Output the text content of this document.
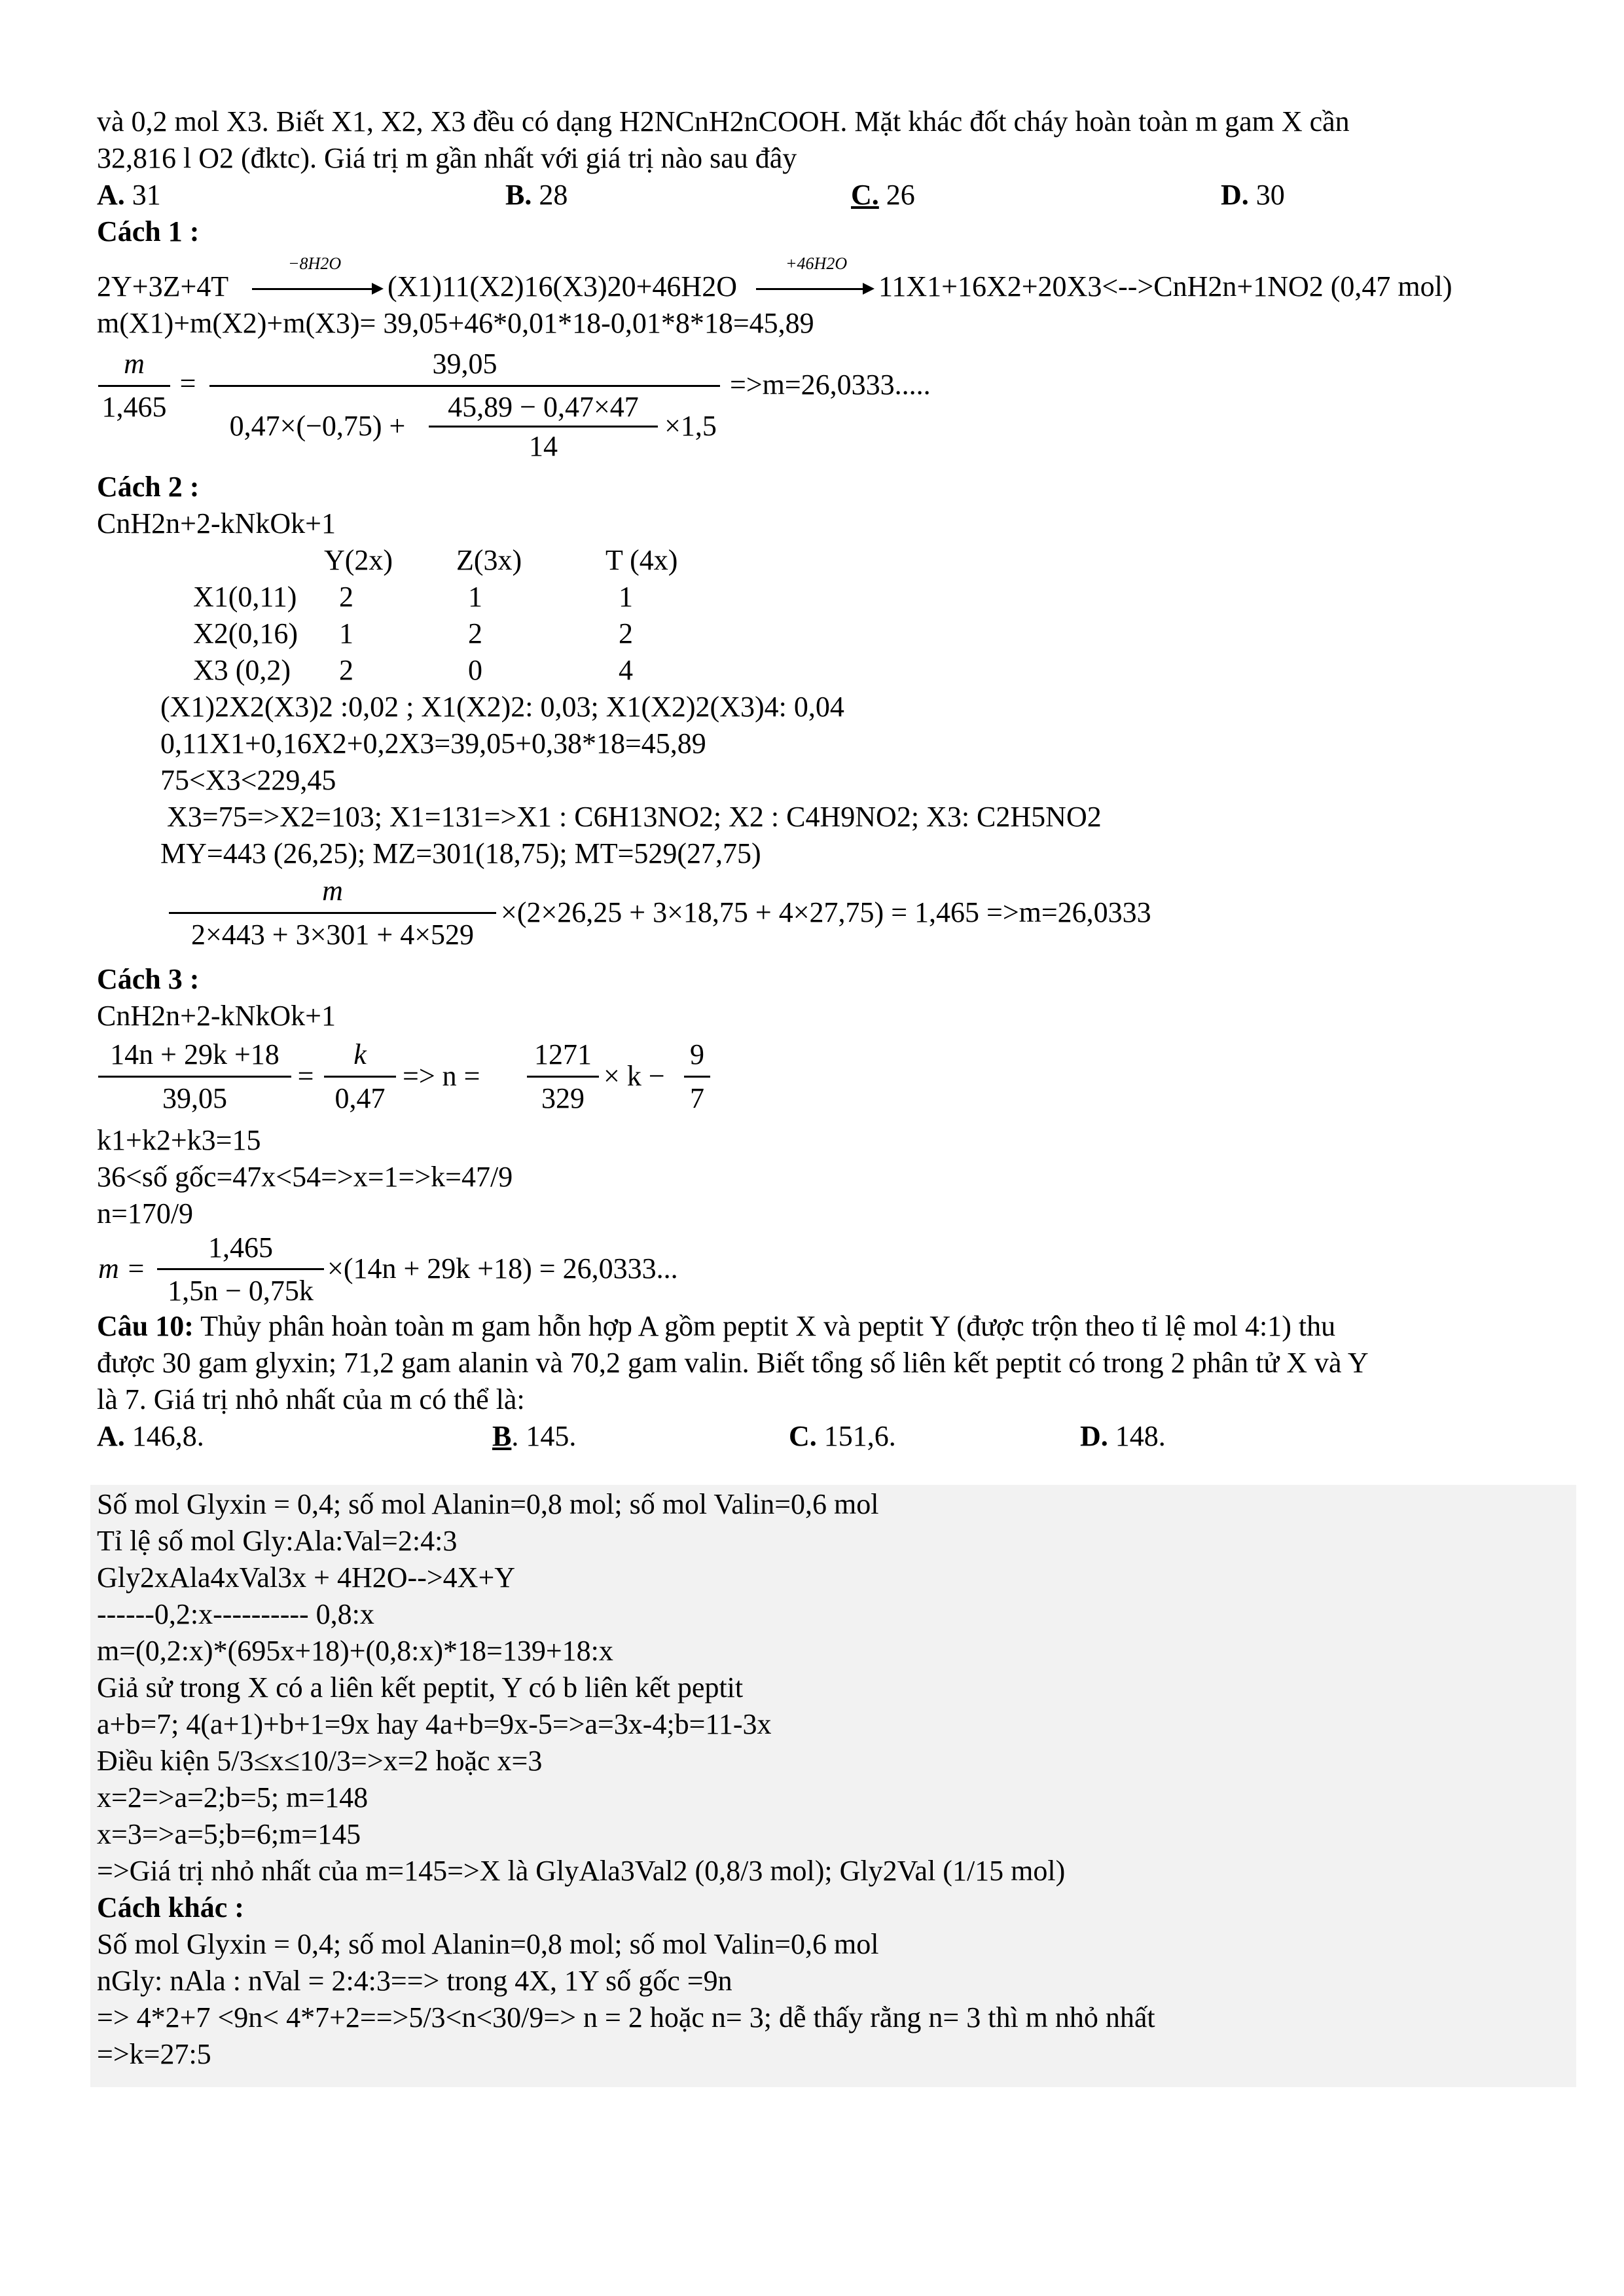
và 0,2 mol X3. Biết X1, X2, X3 đều có dạng H2NCnH2nCOOH. Mặt khác đốt cháy hoàn toàn m gam X cần
32,816 l O2 (đktc). Giá trị m gần nhất với giá trị nào sau đây
A. 31	B. 28	C. 26	D. 30
Cách 1 :
2Y+3Z+4T
−8H2O
(X1)11(X2)16(X3)20+46H2O
+46H2O
11X1+16X2+20X3<-->CnH2n+1NO2 (0,47 mol)
m(X1)+m(X2)+m(X3)= 39,05+46*0,01*18-0,01*8*18=45,89
m
1,465
=
39,05
0,47×(−0,75) +
45,89 − 0,47×47
14
×1,5
=>m=26,0333.....
Cách 2 :
CnH2n+2-kNkOk+1
Y(2x) Z(3x)	T (4x)
X1(0,11) 2	1	1
X2(0,16) 1	2	2
X3 (0,2) 2	0	4
(X1)2X2(X3)2 :0,02 ; X1(X2)2: 0,03; X1(X2)2(X3)4: 0,04
0,11X1+0,16X2+0,2X3=39,05+0,38*18=45,89
75<X3<229,45
X3=75=>X2=103; X1=131=>X1 : C6H13NO2; X2 : C4H9NO2; X3: C2H5NO2
MY=443 (26,25); MZ=301(18,75); MT=529(27,75)
m
2×443 + 3×301 + 4×529
×(2×26,25 + 3×18,75 + 4×27,75) = 1,465 =>m=26,0333
Cách 3 :
CnH2n+2-kNkOk+1
14n + 29k +18
39,05
=
k
0,47
=> n =
1271
329
× k −
9
7
k1+k2+k3=15
36<số gốc=47x<54=>x=1=>k=47/9
n=170/9
m =
1,465
1,5n − 0,75k
×(14n + 29k +18) = 26,0333...
Câu 10: Thủy phân hoàn toàn m gam hỗn hợp A gồm peptit X và peptit Y (được trộn theo tỉ lệ mol 4:1) thu
được 30 gam glyxin; 71,2 gam alanin và 70,2 gam valin. Biết tổng số liên kết peptit có trong 2 phân tử X và Y
là 7. Giá trị nhỏ nhất của m có thể là:
A. 146,8.	B. 145.	C. 151,6.	D. 148.
Số mol Glyxin = 0,4; số mol Alanin=0,8 mol; số mol Valin=0,6 mol
Tỉ lệ số mol Gly:Ala:Val=2:4:3
Gly2xAla4xVal3x + 4H2O-->4X+Y
------0,2:x---------- 0,8:x
m=(0,2:x)*(695x+18)+(0,8:x)*18=139+18:x
Giả sử trong X có a liên kết peptit, Y có b liên kết peptit
a+b=7; 4(a+1)+b+1=9x hay 4a+b=9x-5=>a=3x-4;b=11-3x
Điều kiện 5/3≤x≤10/3=>x=2 hoặc x=3
x=2=>a=2;b=5; m=148
x=3=>a=5;b=6;m=145
=>Giá trị nhỏ nhất của m=145=>X là GlyAla3Val2 (0,8/3 mol); Gly2Val (1/15 mol)
Cách khác :
Số mol Glyxin = 0,4; số mol Alanin=0,8 mol; số mol Valin=0,6 mol
nGly: nAla : nVal = 2:4:3==> trong 4X, 1Y số gốc =9n
=> 4*2+7 <9n< 4*7+2==>5/3<n<30/9=> n = 2 hoặc n= 3; dễ thấy rằng n= 3 thì m nhỏ nhất
=>k=27:5
